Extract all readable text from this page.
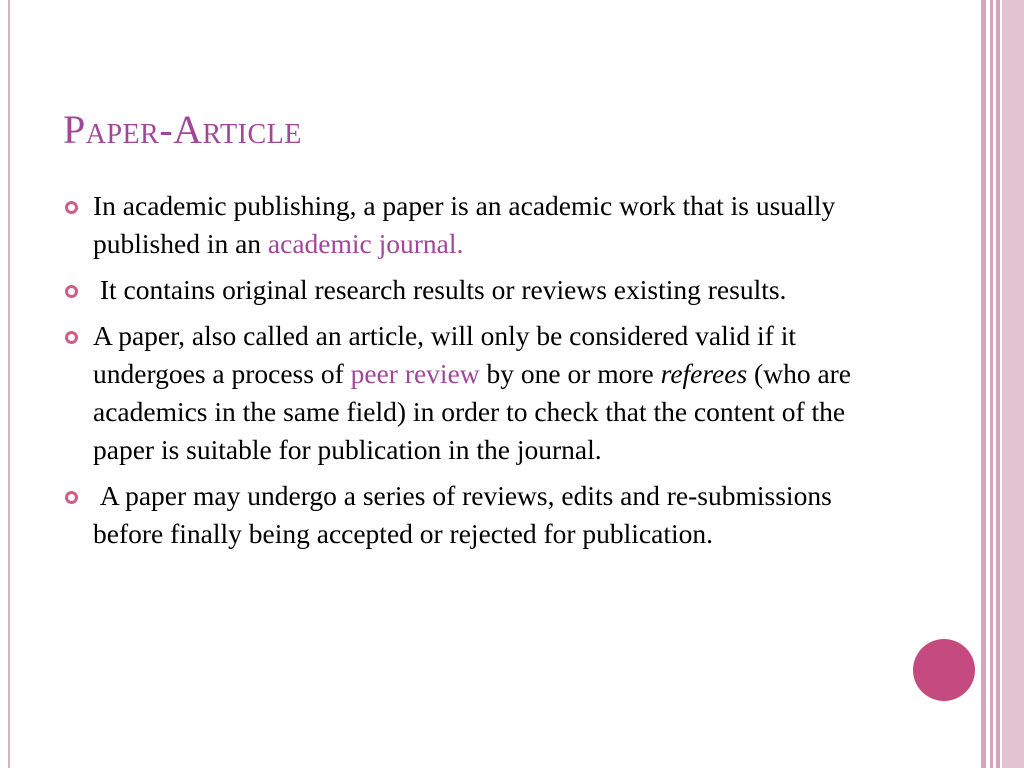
Paper-Article
In academic publishing, a paper is an academic work that is usually published in an academic journal.
It contains original research results or reviews existing results.
A paper, also called an article, will only be considered valid if it undergoes a process of peer review by one or more referees (who are academics in the same field) in order to check that the content of the paper is suitable for publication in the journal.
A paper may undergo a series of reviews, edits and re-submissions before finally being accepted or rejected for publication.
